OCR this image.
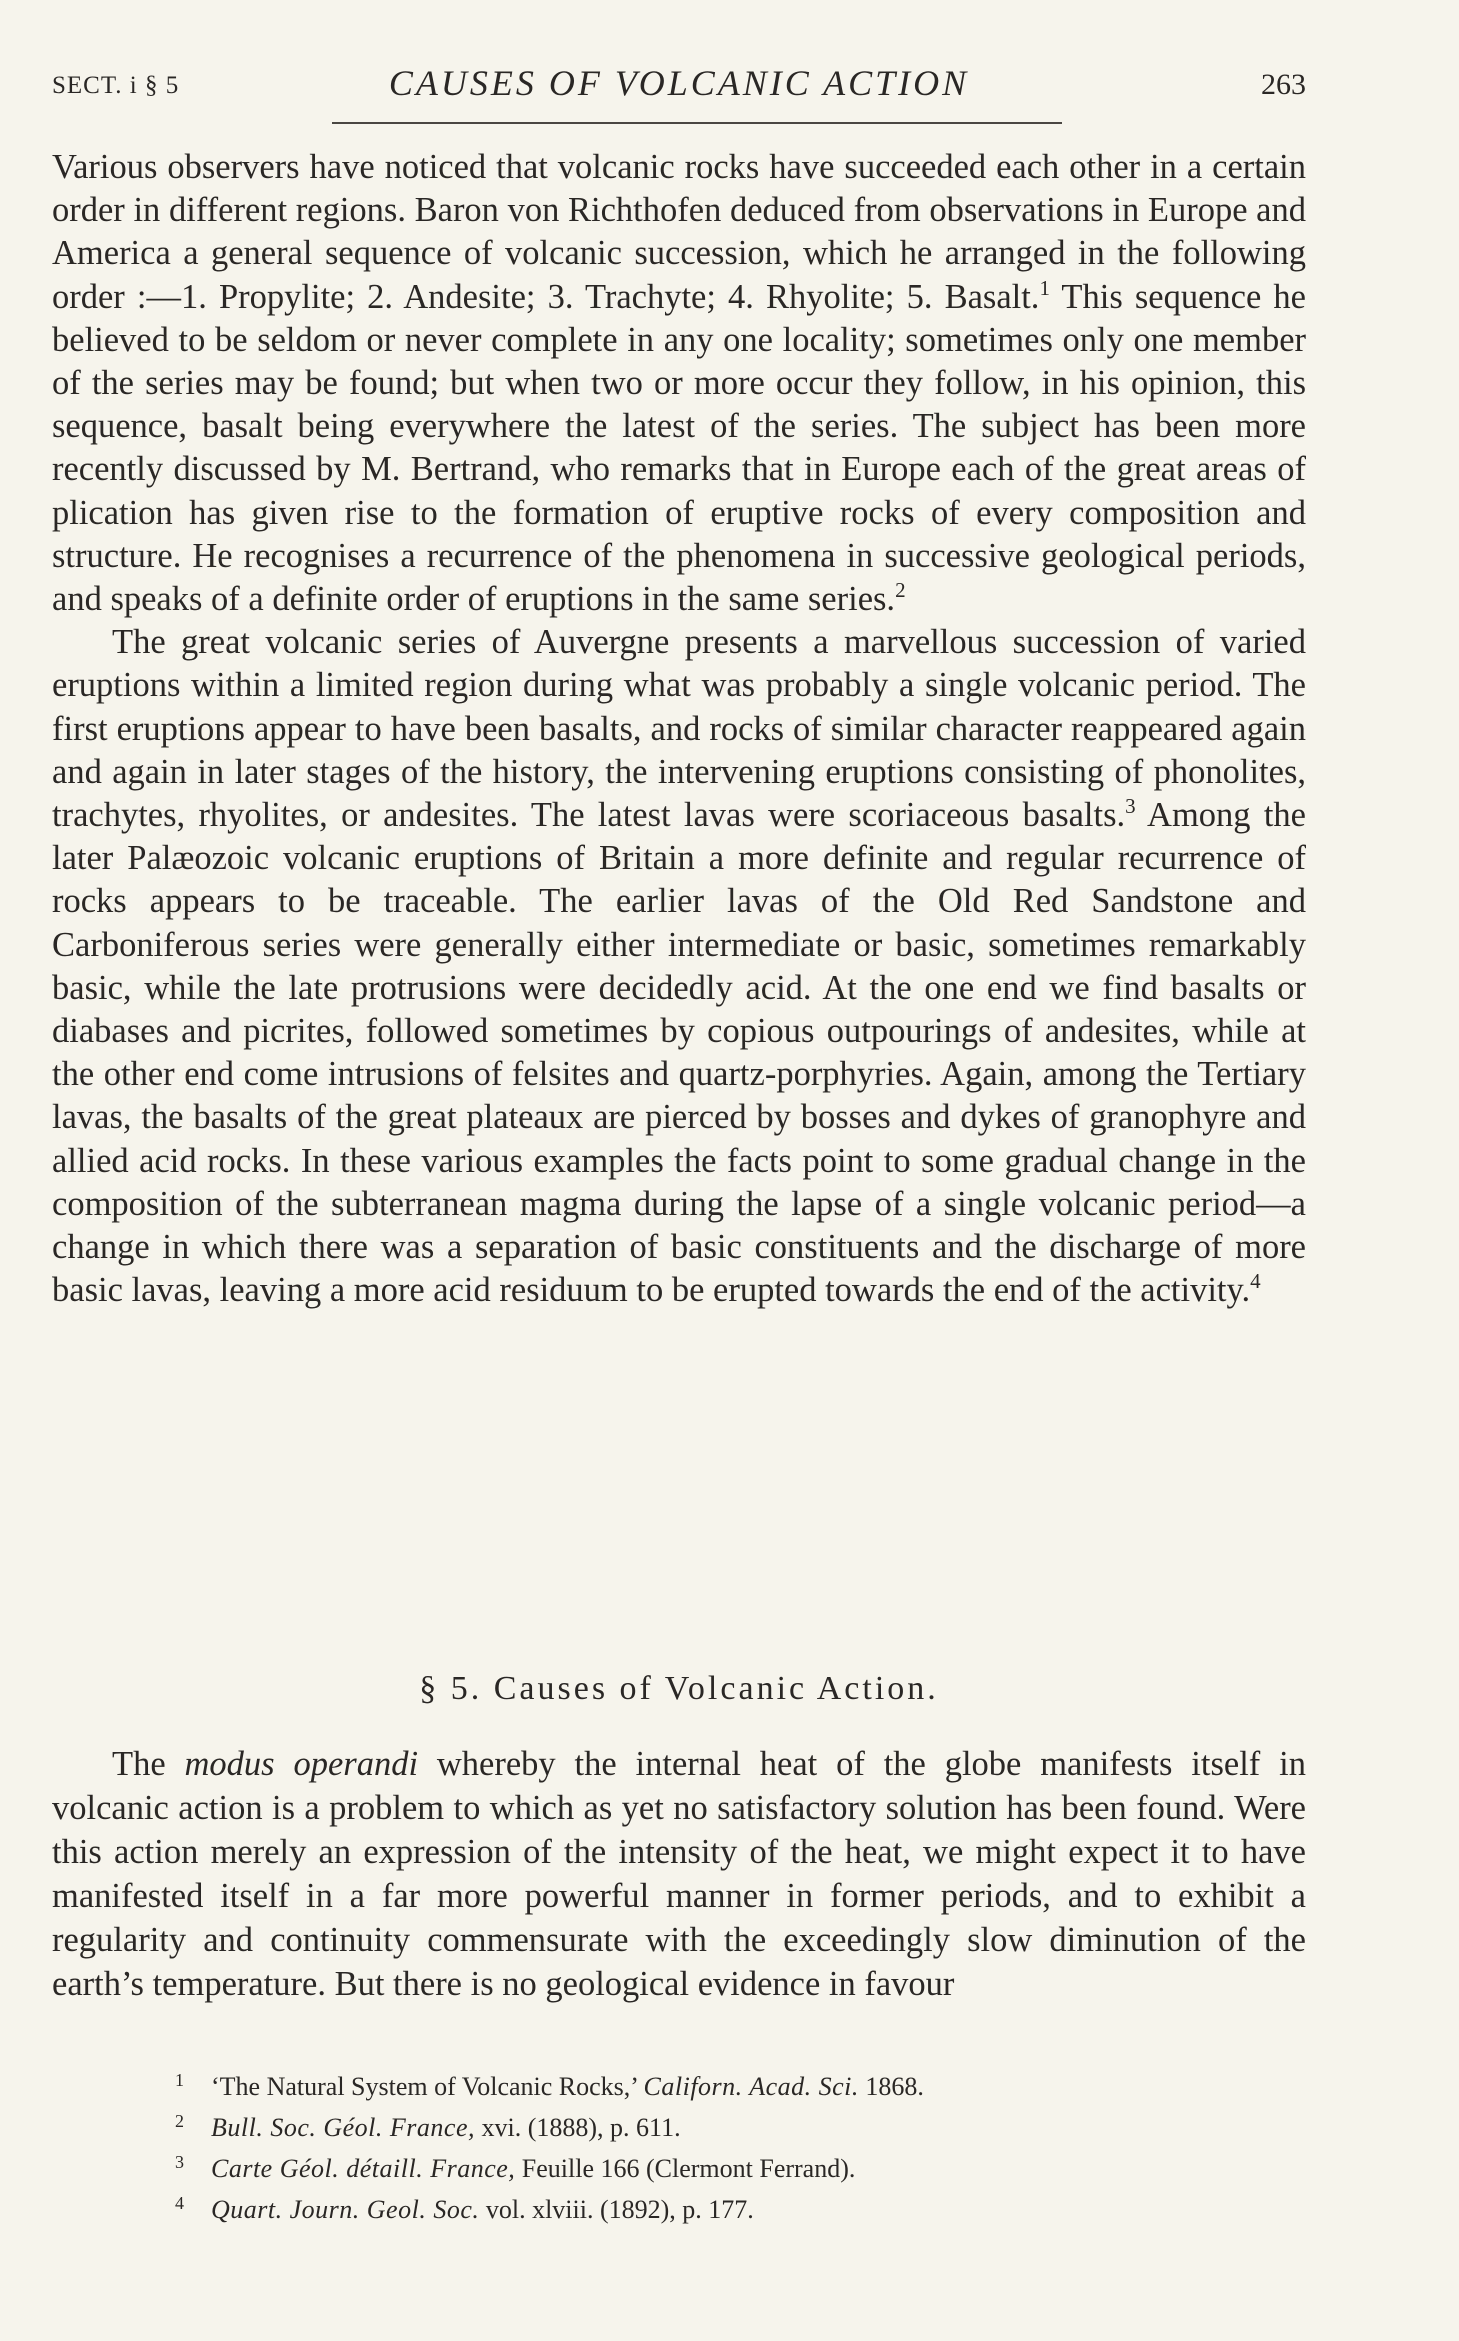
SECT. i § 5	CAUSES OF VOLCANIC ACTION	263

Various observers have noticed that volcanic rocks have succeeded each other in a certain order in different regions. Baron von Richthofen deduced from observations in Europe and America a general sequence of volcanic succession, which he arranged in the following order :—1. Propylite; 2. Andesite; 3. Trachyte; 4. Rhyolite; 5. Basalt.$^1$ This sequence he believed to be seldom or never complete in any one locality; sometimes only one member of the series may be found; but when two or more occur they follow, in his opinion, this sequence, basalt being everywhere the latest of the series. The subject has been more recently discussed by M. Bertrand, who remarks that in Europe each of the great areas of plication has given rise to the formation of eruptive rocks of every composition and structure. He recognises a recurrence of the phenomena in successive geological periods, and speaks of a definite order of eruptions in the same series.$^2$

The great volcanic series of Auvergne presents a marvellous succession of varied eruptions within a limited region during what was probably a single volcanic period. The first eruptions appear to have been basalts, and rocks of similar character reappeared again and again in later stages of the history, the intervening eruptions consisting of phonolites, trachytes, rhyolites, or andesites. The latest lavas were scoriaceous basalts.$^3$ Among the later Palæozoic volcanic eruptions of Britain a more definite and regular recurrence of rocks appears to be traceable. The earlier lavas of the Old Red Sandstone and Carboniferous series were generally either intermediate or basic, sometimes remarkably basic, while the late protrusions were decidedly acid. At the one end we find basalts or diabases and picrites, followed sometimes by copious outpourings of andesites, while at the other end come intrusions of felsites and quartz-porphyries. Again, among the Tertiary lavas, the basalts of the great plateaux are pierced by bosses and dykes of granophyre and allied acid rocks. In these various examples the facts point to some gradual change in the composition of the subterranean magma during the lapse of a single volcanic period—a change in which there was a separation of basic constituents and the discharge of more basic lavas, leaving a more acid residuum to be erupted towards the end of the activity.$^4$

§ 5. Causes of Volcanic Action.

The modus operandi whereby the internal heat of the globe manifests itself in volcanic action is a problem to which as yet no satisfactory solution has been found. Were this action merely an expression of the intensity of the heat, we might expect it to have manifested itself in a far more powerful manner in former periods, and to exhibit a regularity and continuity commensurate with the exceedingly slow diminution of the earth’s temperature. But there is no geological evidence in favour

1 ‘The Natural System of Volcanic Rocks,’ Californ. Acad. Sci. 1868.
2 Bull. Soc. Géol. France, xvi. (1888), p. 611.
3 Carte Géol. détaill. France, Feuille 166 (Clermont Ferrand).
4 Quart. Journ. Geol. Soc. vol. xlviii. (1892), p. 177.
